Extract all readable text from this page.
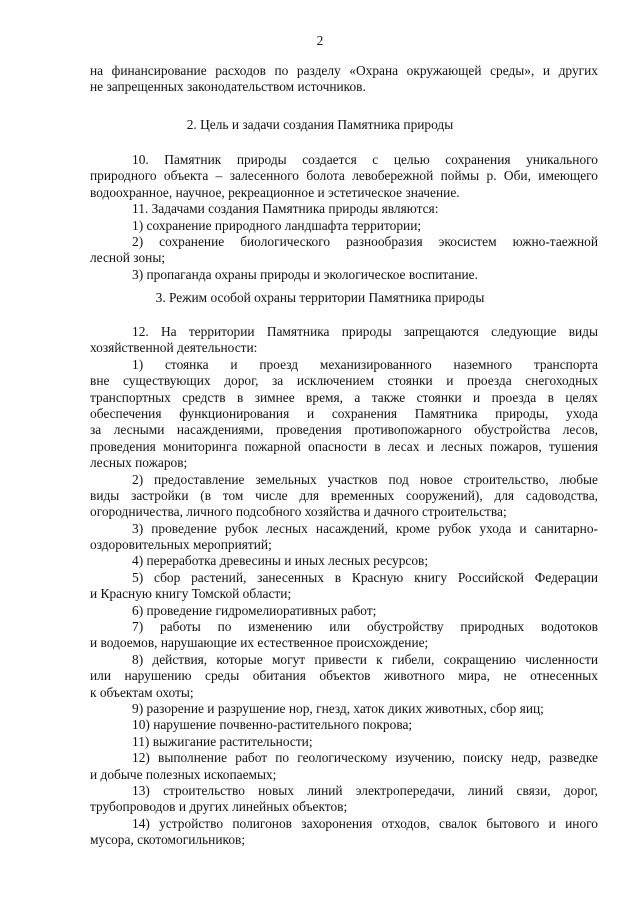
2
на финансирование расходов по разделу «Охрана окружающей среды», и других
не запрещенных законодательством источников.
2. Цель и задачи создания Памятника природы
10. Памятник природы создается с целью сохранения уникального
природного объекта – залесенного болота левобережной поймы р. Оби, имеющего
водоохранное, научное, рекреационное и эстетическое значение.
11. Задачами создания Памятника природы являются:
1) сохранение природного ландшафта территории;
2) сохранение биологического разнообразия экосистем южно-таежной
лесной зоны;
3) пропаганда охраны природы и экологическое воспитание.
3. Режим особой охраны территории Памятника природы
12. На территории Памятника природы запрещаются следующие виды
хозяйственной деятельности:
1) стоянка и проезд механизированного наземного транспорта
вне существующих дорог, за исключением стоянки и проезда снегоходных
транспортных средств в зимнее время, а также стоянки и проезда в целях
обеспечения функционирования и сохранения Памятника природы, ухода
за лесными насаждениями, проведения противопожарного обустройства лесов,
проведения мониторинга пожарной опасности в лесах и лесных пожаров, тушения
лесных пожаров;
2) предоставление земельных участков под новое строительство, любые
виды застройки (в том числе для временных сооружений), для садоводства,
огородничества, личного подсобного хозяйства и дачного строительства;
3) проведение рубок лесных насаждений, кроме рубок ухода и санитарно-
оздоровительных мероприятий;
4) переработка древесины и иных лесных ресурсов;
5) сбор растений, занесенных в Красную книгу Российской Федерации
и Красную книгу Томской области;
6) проведение гидромелиоративных работ;
7) работы по изменению или обустройству природных водотоков
и водоемов, нарушающие их естественное происхождение;
8) действия, которые могут привести к гибели, сокращению численности
или нарушению среды обитания объектов животного мира, не отнесенных
к объектам охоты;
9) разорение и разрушение нор, гнезд, хаток диких животных, сбор яиц;
10) нарушение почвенно-растительного покрова;
11) выжигание растительности;
12) выполнение работ по геологическому изучению, поиску недр, разведке
и добыче полезных ископаемых;
13) строительство новых линий электропередачи, линий связи, дорог,
трубопроводов и других линейных объектов;
14) устройство полигонов захоронения отходов, свалок бытового и иного
мусора, скотомогильников;
